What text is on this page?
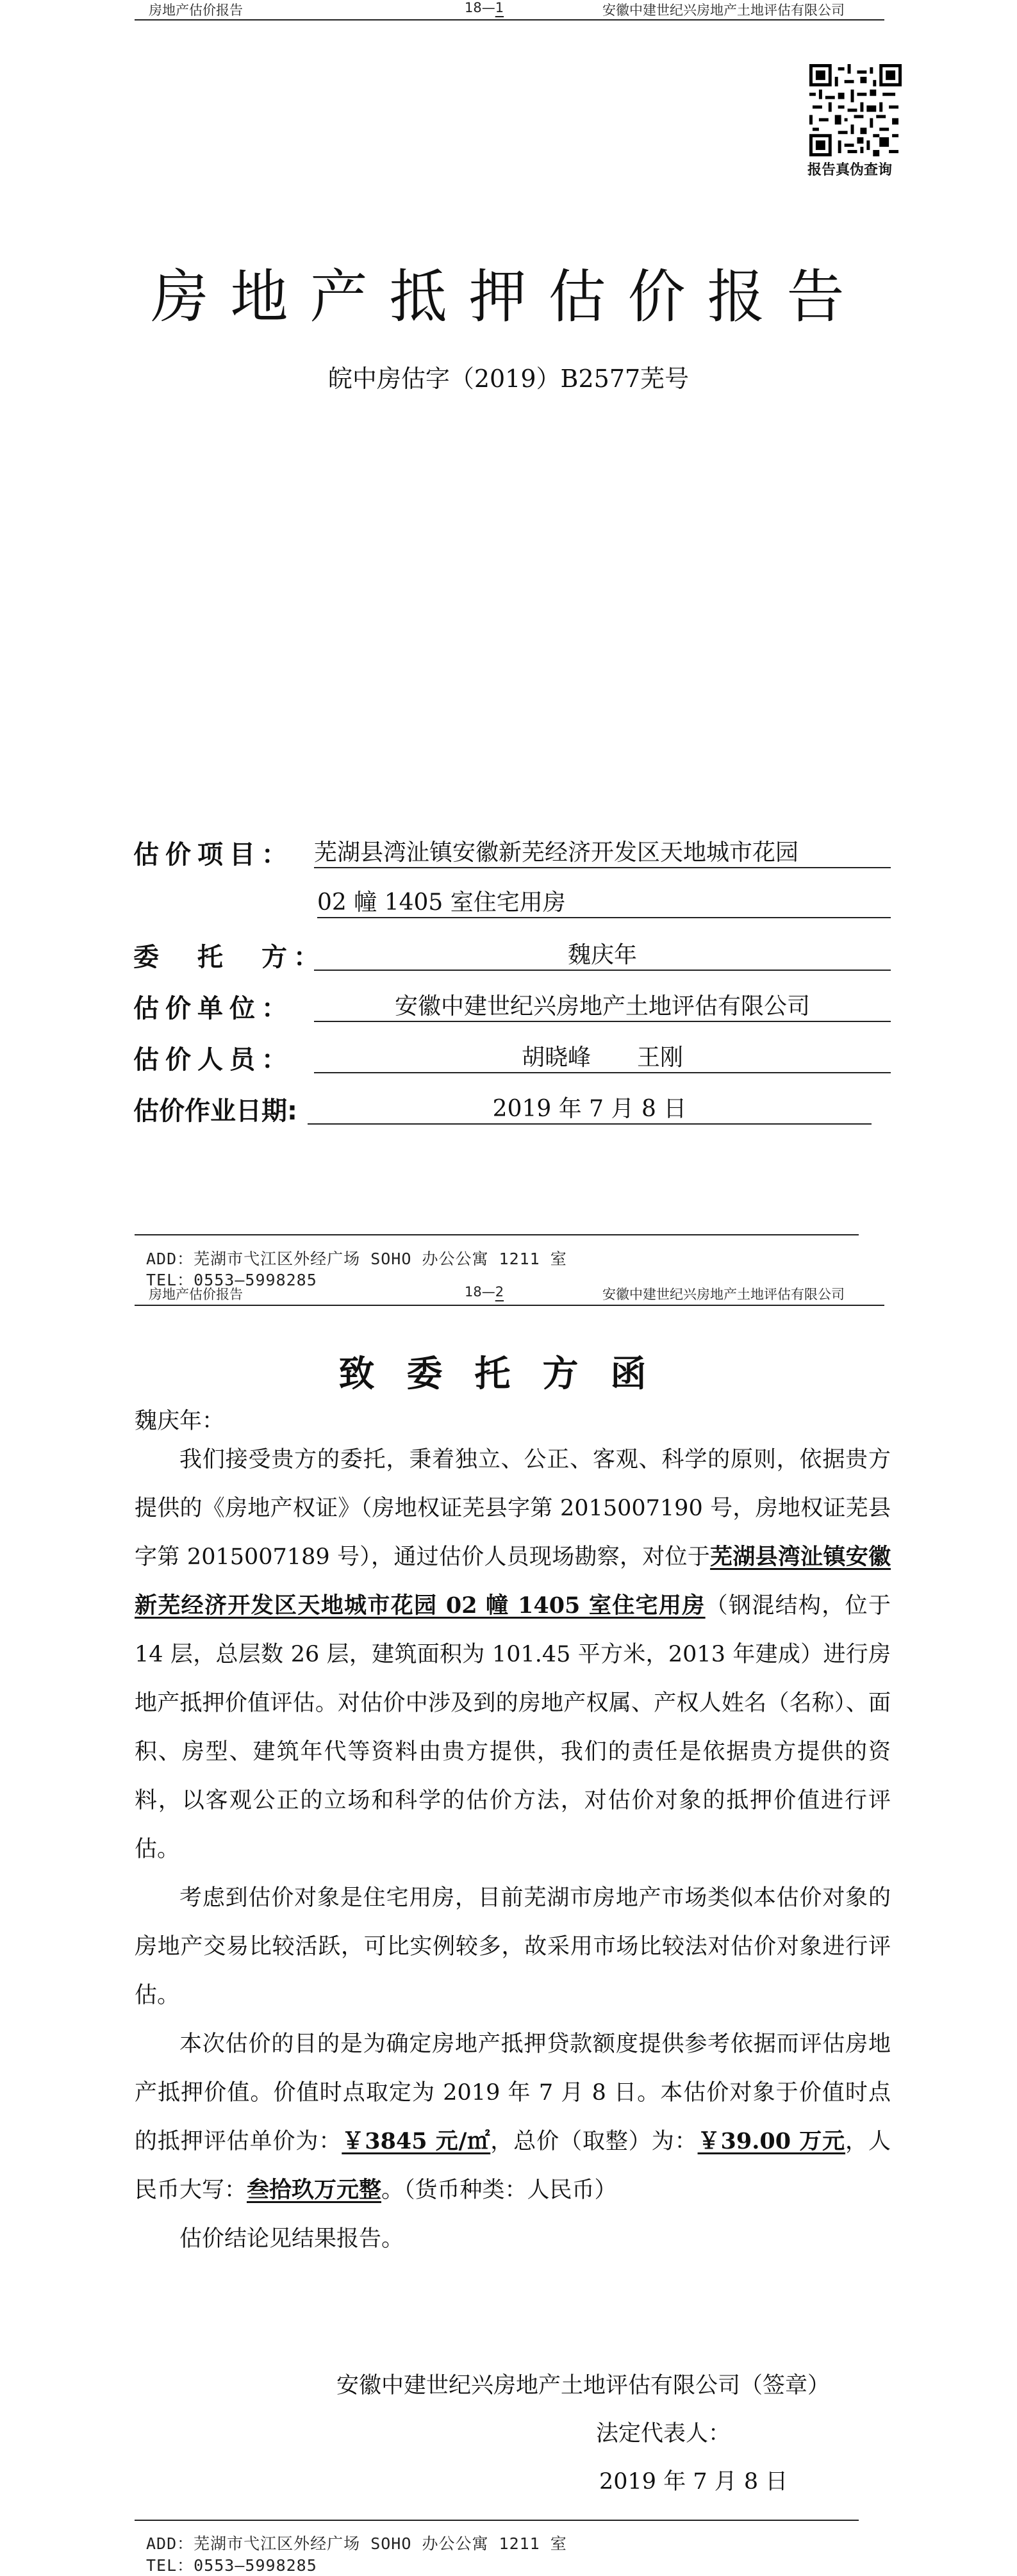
房地产估价报告	18—1	安徽中建世纪兴房地产土地评估有限公司
报告真伪查询
房地产抵押估价报告
皖中房估字（2019）B2577芜号
估价项目： 芜湖县湾沚镇安徽新芜经济开发区天地城市花园
02 幢 1405 室住宅用房
委　托　方：	魏庆年
估价单位：	安徽中建世纪兴房地产土地评估有限公司
估价人员：	胡晓峰　　王刚
估价作业日期:	2019 年 7 月 8 日
ADD：芜湖市弋江区外经广场 SOHO 办公公寓 1211 室
TEL：0553—5998285
房地产估价报告	18—2	安徽中建世纪兴房地产土地评估有限公司
致委托方函
魏庆年：

我们接受贵方的委托，秉着独立、公正、客观、科学的原则，依据贵方提供的《房地产权证》（房地权证芜县字第 2015007190 号，房地权证芜县字第 2015007189 号），通过估价人员现场勘察，对位于芜湖县湾沚镇安徽新芜经济开发区天地城市花园 02 幢 1405 室住宅用房（钢混结构，位于 14 层，总层数 26 层，建筑面积为 101.45 平方米，2013 年建成）进行房地产抵押价值评估。对估价中涉及到的房地产权属、产权人姓名（名称）、面积、房型、建筑年代等资料由贵方提供，我们的责任是依据贵方提供的资料，以客观公正的立场和科学的估价方法，对估价对象的抵押价值进行评估。

考虑到估价对象是住宅用房，目前芜湖市房地产市场类似本估价对象的房地产交易比较活跃，可比实例较多，故采用市场比较法对估价对象进行评估。

本次估价的目的是为确定房地产抵押贷款额度提供参考依据而评估房地产抵押价值。价值时点取定为 2019 年 7 月 8 日。本估价对象于价值时点的抵押评估单价为：￥3845 元/㎡，总价（取整）为：￥39.00 万元，人民币大写：叁拾玖万元整。（货币种类：人民币）

估价结论见结果报告。

安徽中建世纪兴房地产土地评估有限公司（签章）
法定代表人：
2019 年 7 月 8 日
ADD：芜湖市弋江区外经广场 SOHO 办公公寓 1211 室
TEL：0553—5998285
